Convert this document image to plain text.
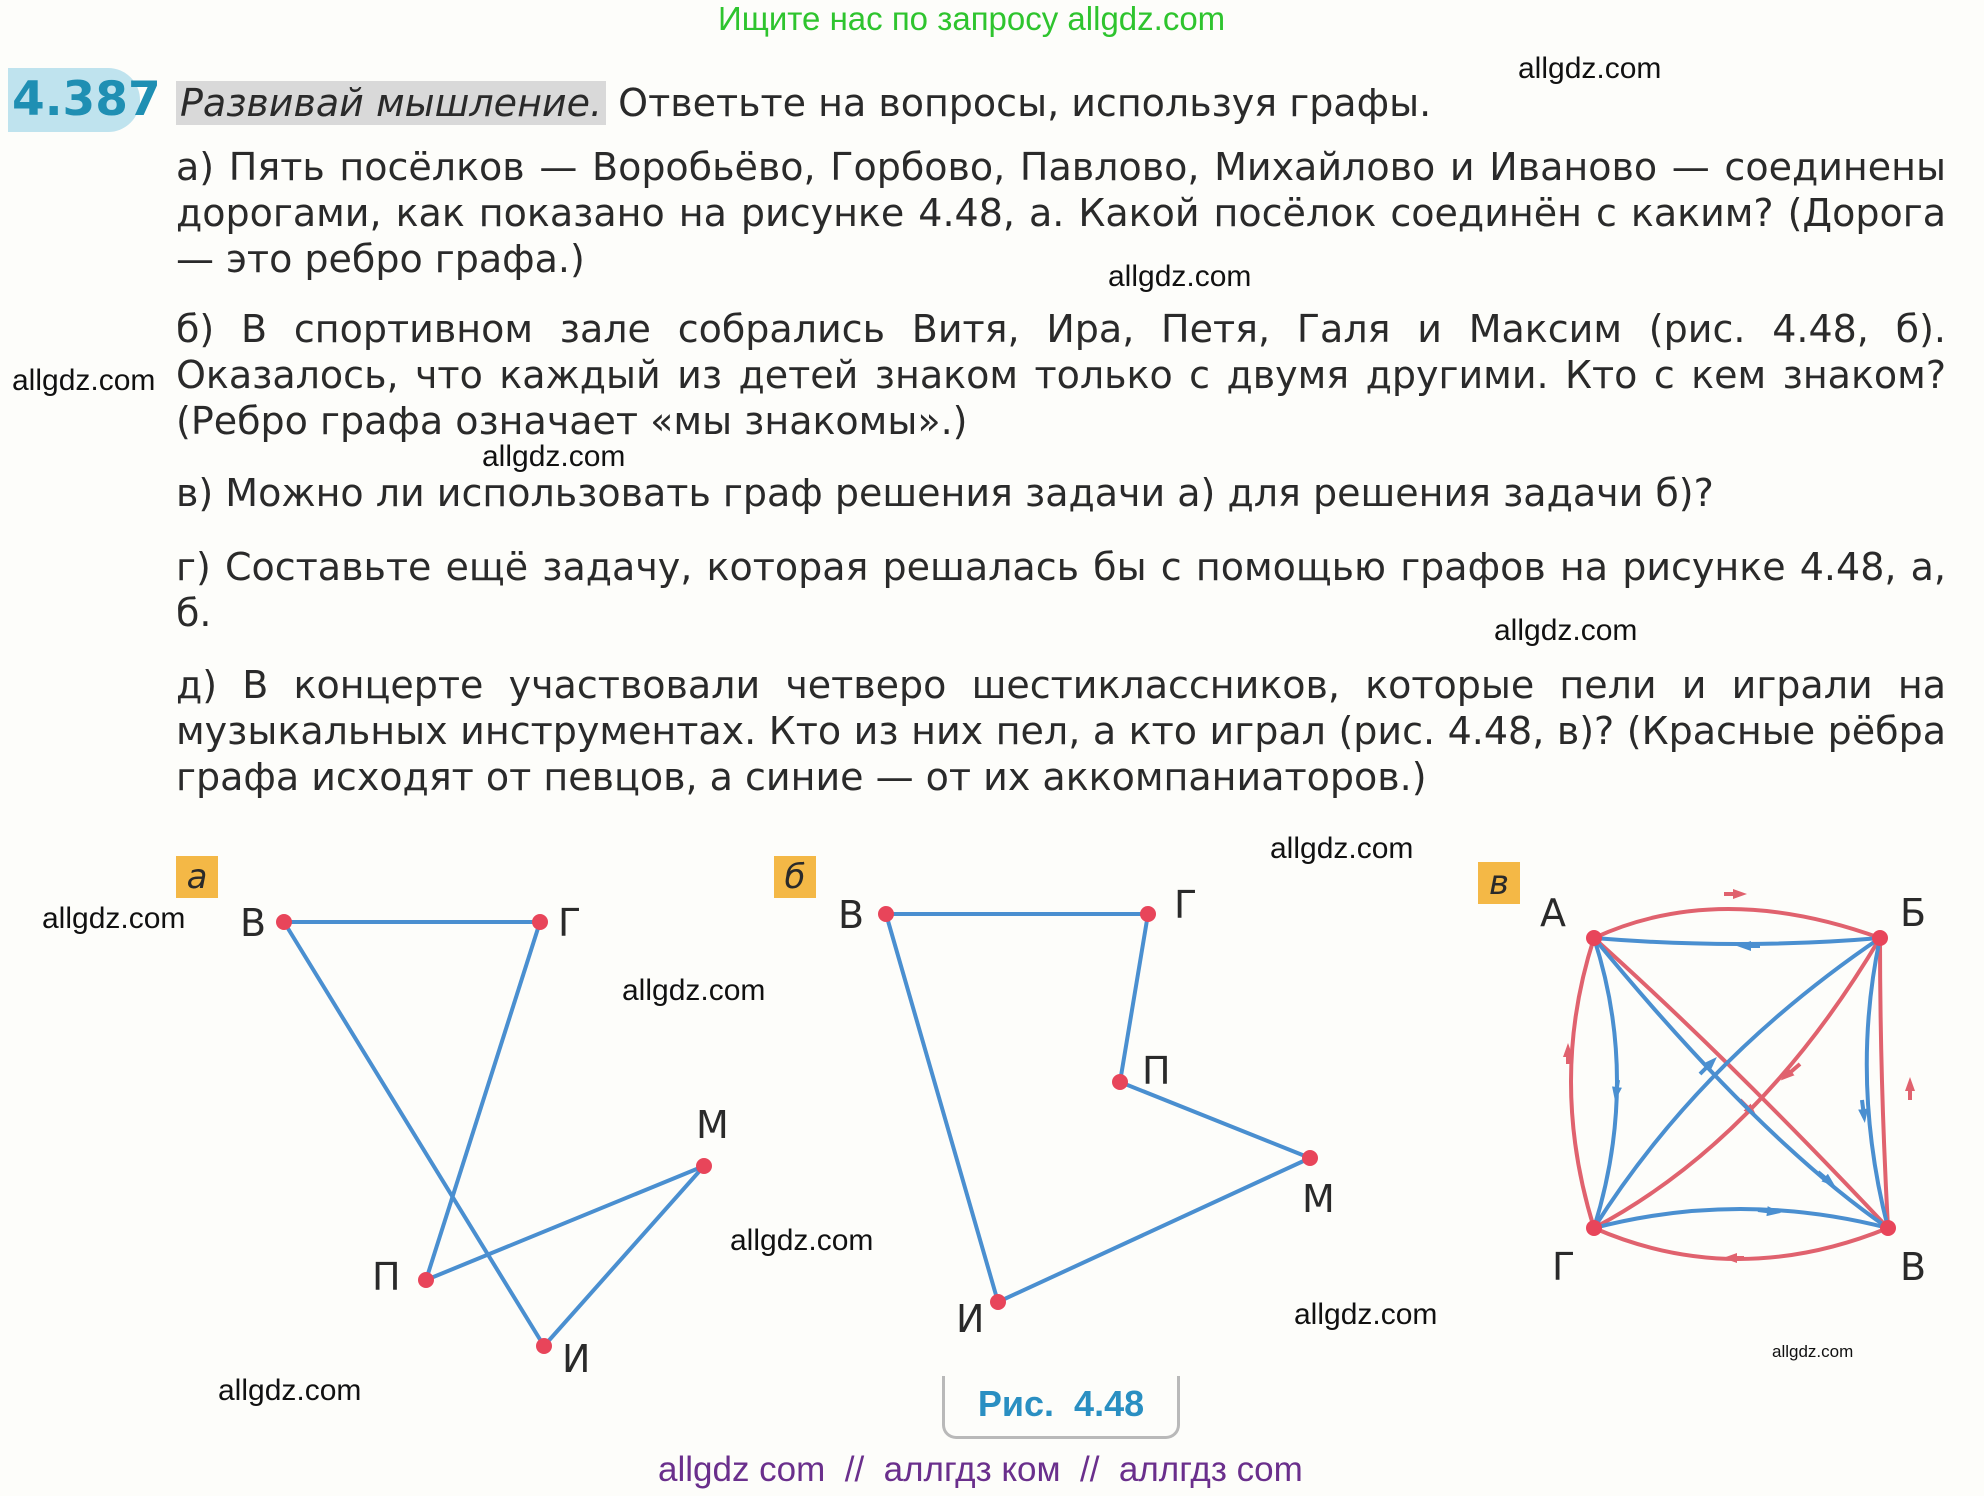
Ищите нас по запросу allgdz.com
allgdz.com
allgdz.com
allgdz.com
allgdz.com
allgdz.com
allgdz.com
allgdz.com
allgdz.com
allgdz.com
allgdz.com
allgdz.com
allgdz.com
allgdz com  //  аллгдз ком  //  аллгдз com
4.387 Развивай мышление. Ответьте на вопросы, используя графы.
а) Пять посёлков — Воробьёво, Горбово, Павлово, Михайлово и Иваново — соединены дорогами, как показано на рисунке 4.48, а. Какой посёлок соединён с каким? (Дорога — это ребро графа.)
б) В спортивном зале собрались Витя, Ира, Петя, Галя и Максим (рис. 4.48, б). Оказалось, что каждый из детей знаком только с двумя другими. Кто с кем знаком? (Ребро графа означает «мы знакомы».)
в) Можно ли использовать граф решения задачи а) для решения задачи б)?
г) Составьте ещё задачу, которая решалась бы с помощью графов на рисунке 4.48, а, б.
д) В концерте участвовали четверо шестиклассников, которые пели и играли на музыкальных инструментах. Кто из них пел, а кто играл (рис. 4.48, в)? (Красные рёбра графа исходят от певцов, а синие — от их аккомпаниаторов.)
а	б	в
В	Г
П
М
И
В	Г
П
М
И
А	Б
В
Г
Рис.  4.48
